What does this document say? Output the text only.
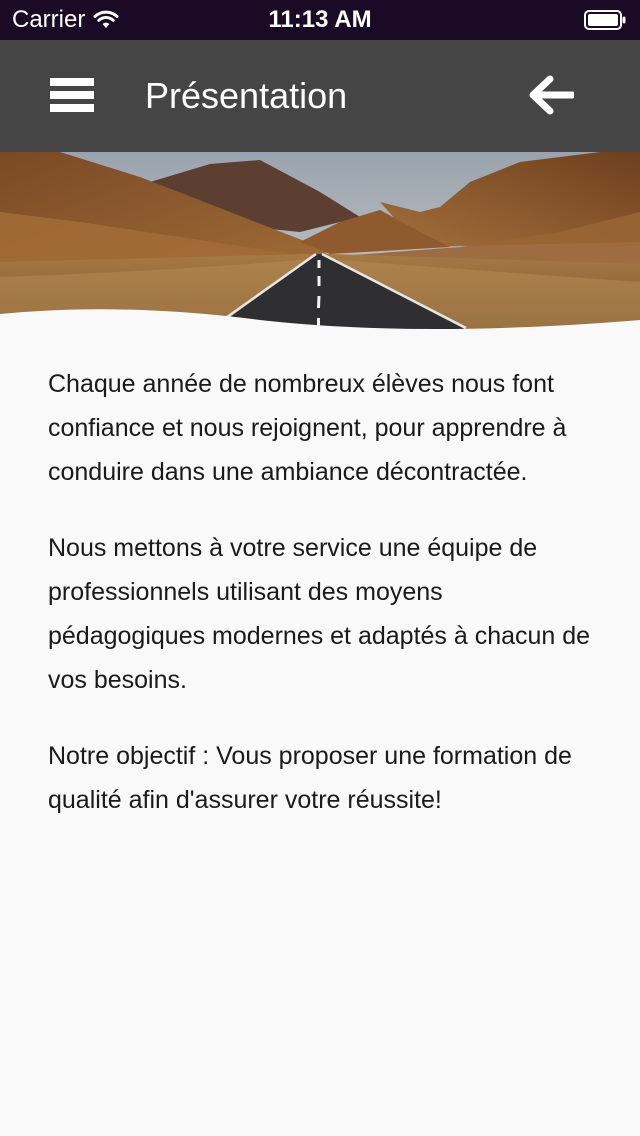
Carrier	11:13 AM
Présentation

Chaque année de nombreux élèves nous font confiance et nous rejoignent, pour apprendre à conduire dans une ambiance décontractée.

Nous mettons à votre service une équipe de professionnels utilisant des moyens pédagogiques modernes et adaptés à chacun de vos besoins.

Notre objectif : Vous proposer une formation de qualité afin d'assurer votre réussite!
